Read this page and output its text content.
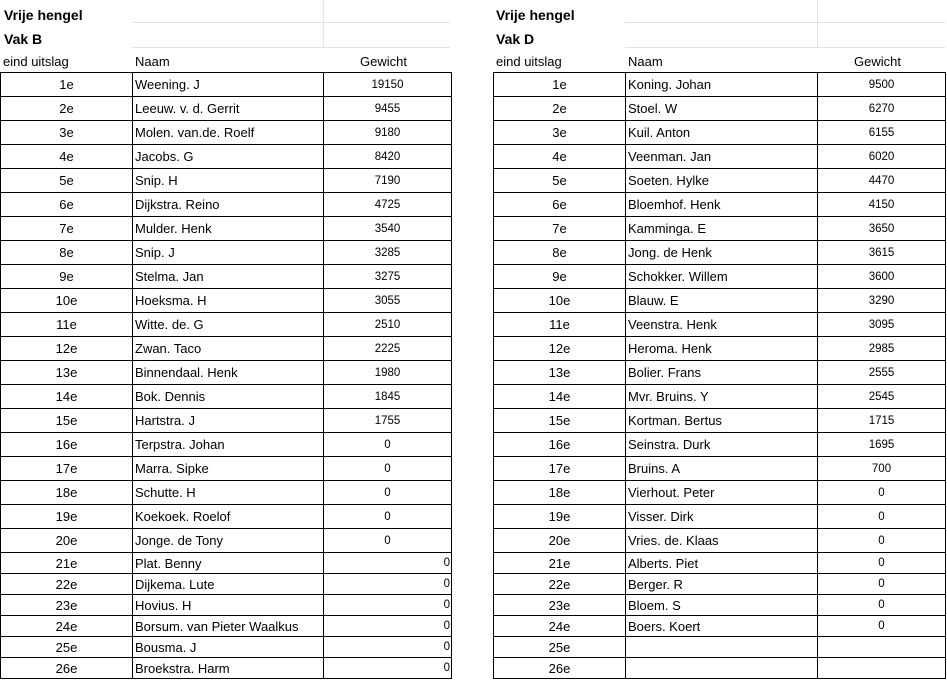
Vrije hengel
Vak B
eind uitslag	Naam	Gewicht
1e	Weening. J	19150
2e	Leeuw. v. d. Gerrit	9455
3e	Molen. van.de. Roelf	9180
4e	Jacobs. G	8420
5e	Snip. H	7190
6e	Dijkstra. Reino	4725
7e	Mulder. Henk	3540
8e	Snip. J	3285
9e	Stelma. Jan	3275
10e	Hoeksma. H	3055
11e	Witte. de. G	2510
12e	Zwan. Taco	2225
13e	Binnendaal. Henk	1980
14e	Bok. Dennis	1845
15e	Hartstra. J	1755
16e	Terpstra. Johan	0
17e	Marra. Sipke	0
18e	Schutte. H	0
19e	Koekoek. Roelof	0
20e	Jonge. de Tony	0
21e	Plat. Benny	0
22e	Dijkema. Lute	0
23e	Hovius. H	0
24e	Borsum. van Pieter Waalkus	0
25e	Bousma. J	0
26e	Broekstra. Harm	0
Vrije hengel
Vak D
eind uitslag	Naam	Gewicht
1e	Koning. Johan	9500
2e	Stoel. W	6270
3e	Kuil. Anton	6155
4e	Veenman. Jan	6020
5e	Soeten. Hylke	4470
6e	Bloemhof. Henk	4150
7e	Kamminga. E	3650
8e	Jong. de Henk	3615
9e	Schokker. Willem	3600
10e	Blauw. E	3290
11e	Veenstra. Henk	3095
12e	Heroma. Henk	2985
13e	Bolier. Frans	2555
14e	Mvr. Bruins. Y	2545
15e	Kortman. Bertus	1715
16e	Seinstra. Durk	1695
17e	Bruins. A	700
18e	Vierhout. Peter	0
19e	Visser. Dirk	0
20e	Vries. de. Klaas	0
21e	Alberts. Piet	0
22e	Berger. R	0
23e	Bloem. S	0
24e	Boers. Koert	0
25e		
26e		
